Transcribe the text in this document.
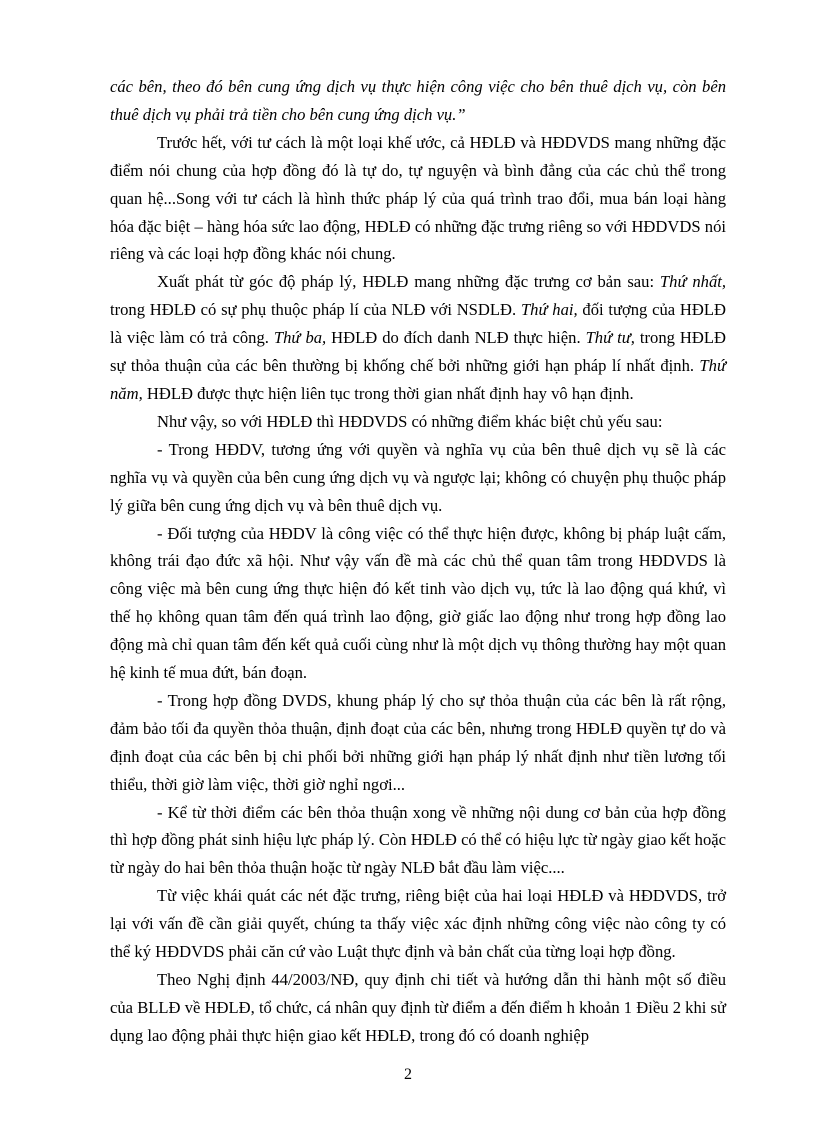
các bên, theo đó bên cung ứng dịch vụ thực hiện công việc cho bên thuê dịch vụ, còn bên thuê dịch vụ phải trả tiền cho bên cung ứng dịch vụ.”

Trước hết, với tư cách là một loại khế ước, cả HĐLĐ và HĐDVDS mang những đặc điểm nói chung của hợp đồng đó là tự do, tự nguyện và bình đẳng của các chủ thể trong quan hệ...Song với tư cách là hình thức pháp lý của quá trình trao đổi, mua bán loại hàng hóa đặc biệt – hàng hóa sức lao động, HĐLĐ có những đặc trưng riêng so với HĐDVDS nói riêng và các loại hợp đồng khác nói chung.

Xuất phát từ góc độ pháp lý, HĐLĐ mang những đặc trưng cơ bản sau: Thứ nhất, trong HĐLĐ có sự phụ thuộc pháp lí của NLĐ với NSDLĐ. Thứ hai, đối tượng của HĐLĐ là việc làm có trả công. Thứ ba, HĐLĐ do đích danh NLĐ thực hiện. Thứ tư, trong HĐLĐ sự thỏa thuận của các bên thường bị khống chế bởi những giới hạn pháp lí nhất định. Thứ năm, HĐLĐ được thực hiện liên tục trong thời gian nhất định hay vô hạn định.

Như vậy, so với HĐLĐ thì HĐDVDS có những điểm khác biệt chủ yếu sau:

- Trong HĐDV, tương ứng với quyền và nghĩa vụ của bên thuê dịch vụ sẽ là các nghĩa vụ và quyền của bên cung ứng dịch vụ và ngược lại; không có chuyện phụ thuộc pháp lý giữa bên cung ứng dịch vụ và bên thuê dịch vụ.

- Đối tượng của HĐDV là công việc có thể thực hiện được, không bị pháp luật cấm, không trái đạo đức xã hội. Như vậy vấn đề mà các chủ thể quan tâm trong HĐDVDS là công việc mà bên cung ứng thực hiện đó kết tinh vào dịch vụ, tức là lao động quá khứ, vì thế họ không quan tâm đến quá trình lao động, giờ giấc lao động như trong hợp đồng lao động mà chỉ quan tâm đến kết quả cuối cùng như là một dịch vụ thông thường hay một quan hệ kinh tế mua đứt, bán đoạn.

- Trong hợp đồng DVDS, khung pháp lý cho sự thỏa thuận của các bên là rất rộng, đảm bảo tối đa quyền thỏa thuận, định đoạt của các bên, nhưng trong HĐLĐ quyền tự do và định đoạt của các bên bị chi phối bởi những giới hạn pháp lý nhất định như tiền lương tối thiểu, thời giờ làm việc, thời giờ nghỉ ngơi...

- Kể từ thời điểm các bên thỏa thuận xong về những nội dung cơ bản của hợp đồng thì hợp đồng phát sinh hiệu lực pháp lý. Còn HĐLĐ có thể có hiệu lực từ ngày giao kết hoặc từ ngày do hai bên thỏa thuận hoặc từ ngày NLĐ bắt đầu làm việc....

Từ việc khái quát các nét đặc trưng, riêng biệt của hai loại HĐLĐ và HĐDVDS, trở lại với vấn đề cần giải quyết, chúng ta thấy việc xác định những công việc nào công ty có thể ký HĐDVDS phải căn cứ vào Luật thực định và bản chất của từng loại hợp đồng.

Theo Nghị định 44/2003/NĐ, quy định chi tiết và hướng dẫn thi hành một số điều của BLLĐ về HĐLĐ, tổ chức, cá nhân quy định từ điểm a đến điểm h khoản 1 Điều 2 khi sử dụng lao động phải thực hiện giao kết HĐLĐ, trong đó có doanh nghiệp

2
